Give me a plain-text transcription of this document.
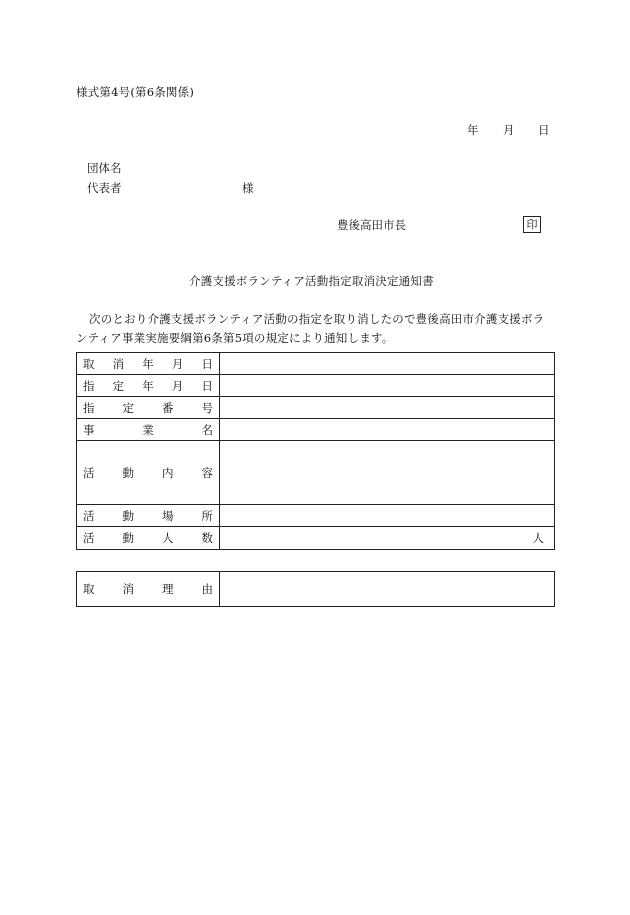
様式第4号(第6条関係)
年 月 日
団体名
代表者	様
豊後高田市長	印
介護支援ボランティア活動指定取消決定通知書
次のとおり介護支援ボランティア活動の指定を取り消したので豊後高田市介護支援ボラ
ンティア事業実施要綱第6条第5項の規定により通知します。
取 消 年 月 日	

指 定 年 月 日	

指 定 番 号	

事 業 名	

活 動 内 容	

活 動 場 所	

活 動 人 数	人
取 消 理 由
